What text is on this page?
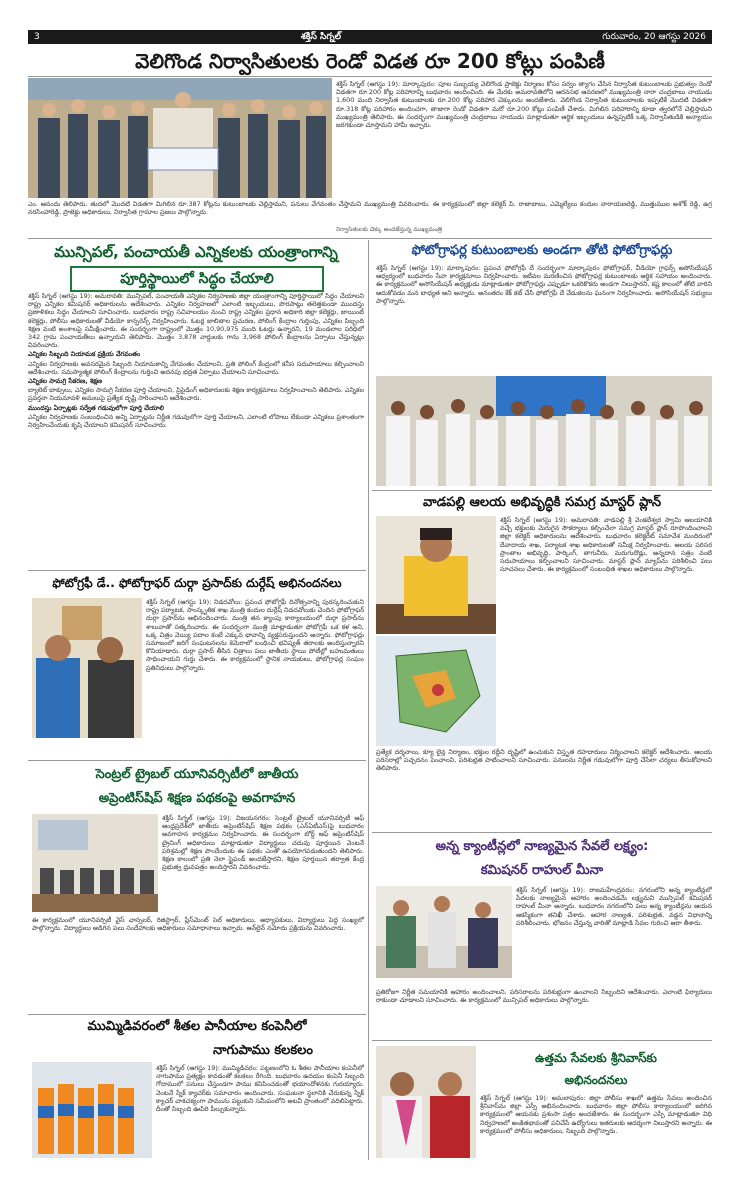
3	శక్తిస్ సిగ్నల్	గురువారం, 20 ఆగస్టు 2026
వెలిగొండ నిర్వాసితులకు రెండో విడత రూ 200 కోట్లు పంపిణీ
శక్తిస్ సిగ్నల్ (ఆగస్టు 19): మార్కాపురం: పూల సుబ్బయ్య వెలిగొండ ప్రాజెక్టు నిర్మాణం కోసం సర్వం త్యాగం చేసిన నిర్వాసిత కుటుంబాలకు ప్రభుత్వం రెండో విడతగా రూ.200 కోట్ల పరిహారాన్ని బుధవారం అందించింది. ఈ మేరకు అమరావతిలోని ఆరనసభ ఆవరణలో ముఖ్యమంత్రి నారా చంద్రబాబు నాయుడు 1,600 మంది నిర్వాసిత కుటుంబాలకు రూ.200 కోట్ల పరిహార చెక్కులను అందజేశారు. వెలిగొండ నిర్వాసిత కుటుంబాలకు ఇప్పటికే మొదటి విడతగా రూ.318 కోట్ల పరిహారం అందించగా, తాజాగా రెండో విడతగా మరో రూ.200 కోట్లు పంపిణీ చేశారు. మిగిలిన పరిహారాన్ని కూడా త్వరలోనే చెల్లిస్తామని ముఖ్యమంత్రి తెలిపారు. ఈ సందర్భంగా ముఖ్యమంత్రి చంద్రబాబు నాయుడు మాట్లాడుతూ ఆర్థిక ఇబ్బందులు ఉన్నప్పటికీ ఒక్క నిర్వాసితుడికి అన్యాయం జరగకుండా చూస్తామని హామీ ఇచ్చారు.
నిర్వాసితులకు చెక్కు అందజేస్తున్న ముఖ్యమంత్రి
ఎం. ఆనందు తెలిపారు. తుదలో మొదటి విడతగా మిగిలిన రూ.387 కోట్లను కుటుంబాలకు చెల్లిస్తామని, పనులు వేగవంతం చేస్తామని ముఖ్యమంత్రి వివరించారు. ఈ కార్యక్రమంలో జిల్లా కలెక్టర్ పి. రాజాబాబు, ఎమ్మెల్యేలు కందుల నారాయణరెడ్డి, ముత్తుముల అశోక్ రెడ్డి, ఉగ్ర నరసింహారెడ్డి, ప్రాజెక్టు అధికారులు, నిర్వాసిత గ్రామాల ప్రజలు పాల్గొన్నారు.
మున్సిపల్, పంచాయతీ ఎన్నికలకు యంత్రాంగాన్ని
పూర్తిస్థాయిలో సిద్ధం చేయాలి
శక్తిస్ సిగ్నల్ (ఆగస్టు 19): అమరావతి: మున్సిపల్, పంచాయతీ ఎన్నికల నిర్వహణకు జిల్లా యంత్రాంగాన్ని పూర్తిస్థాయిలో సిద్ధం చేయాలని రాష్ట్ర ఎన్నికల కమిషనర్ అధికారులను ఆదేశించారు. ఎన్నికల నిర్వహణలో ఎలాంటి ఇబ్బందులు, పొరపాట్లు తలెత్తకుండా ముందస్తు ప్రణాళికలు సిద్ధం చేయాలని సూచించారు. బుధవారం రాష్ట్ర సచివాలయం నుంచి రాష్ట్ర ఎన్నికల ప్రధాన అధికారి జిల్లా కలెక్టర్లు, జాయింట్ కలెక్టర్లు, పోలీసు అధికారులతో వీడియో కాన్ఫరెన్స్ నిర్వహించారు. ఓటర్ల జాబితాల ప్రచురణ, పోలింగ్ కేంద్రాల గుర్తింపు, ఎన్నికల సిబ్బంది శిక్షణ వంటి అంశాలపై సమీక్షించారు. ఈ సందర్భంగా రాష్ట్రంలో మొత్తం 10,90,975 మంది ఓటర్లు ఉన్నారని, 19 మండలాల పరిధిలో 342 గ్రామ పంచాయతీలు ఉన్నాయని తెలిపారు. మొత్తం 3,878 వార్డులకు గాను 3,968 పోలింగ్ కేంద్రాలను ఏర్పాటు చేస్తున్నట్లు వివరించారు.
ఎన్నికల సిబ్బంది నియామక ప్రక్రియ వేగవంతం
ఎన్నికల నిర్వహణకు అవసరమైన సిబ్బంది నియామకాన్ని వేగవంతం చేయాలని, ప్రతి పోలింగ్ కేంద్రంలో కనీస సదుపాయాలు కల్పించాలని ఆదేశించారు. సమస్యాత్మక పోలింగ్ కేంద్రాలను గుర్తించి అదనపు భద్రత ఏర్పాటు చేయాలని సూచించారు.
ఎన్నికల సామగ్రి సేకరణ, శిక్షణ
బ్యాలెట్ బాక్సులు, ఎన్నికల సామగ్రి సేకరణ పూర్తి చేయాలని, ప్రిసైడింగ్ అధికారులకు శిక్షణ కార్యక్రమాలు నిర్వహించాలని తెలిపారు. ఎన్నికల ప్రవర్తనా నియమావళి అమలుపై ప్రత్యేక దృష్టి సారించాలని ఆదేశించారు.
ముందస్తు ఏర్పాట్లకు సర్వేత గడువులోగా పూర్తి చేయాలి
ఎన్నికల నిర్వహణకు సంబంధించిన అన్ని ఏర్పాట్లను నిర్ణీత గడువులోగా పూర్తి చేయాలని, ఎలాంటి లోపాలు లేకుండా ఎన్నికలు ప్రశాంతంగా నిర్వహించేందుకు కృషి చేయాలని కమిషనర్ సూచించారు.
ఫోటోగ్రాఫర్ల కుటుంబాలకు అండగా తోటి ఫోటోగ్రాఫర్లు
శక్తిస్ సిగ్నల్ (ఆగస్టు 19): మార్కాపురం: ప్రపంచ ఫోటోగ్రఫీ దే సందర్భంగా మార్కాపురం ఫోటోగ్రాఫర్, వీడియో గ్రాఫర్స్ అసోసియేషన్ ఆధ్వర్యంలో బుధవారం సేవా కార్యక్రమాలు నిర్వహించారు. ఇటీవల మరణించిన ఫోటోగ్రాఫర్ల కుటుంబాలకు ఆర్థిక సహాయం అందించారు. ఈ కార్యక్రమంలో అసోసియేషన్ అధ్యక్షుడు మాట్లాడుతూ ఫోటోగ్రాఫర్లు ఎప్పుడూ ఒకరికొకరు అండగా నిలుస్తారని, కష్ట కాలంలో తోటి వారిని ఆదుకోవడం మన బాధ్యత అని అన్నారు. అనంతరం కేక్ కట్ చేసి ఫోటోగ్రఫీ దే వేడుకలను ఘనంగా నిర్వహించారు. అసోసియేషన్ సభ్యులు పాల్గొన్నారు.
వాడపల్లి ఆలయ అభివృద్ధికి సమగ్ర మాస్టర్ ప్లాన్
శక్తిస్ సిగ్నల్ (ఆగస్టు 19): అమరావతి: వాడపల్లి శ్రీ వెంకటేశ్వర స్వామి ఆలయానికి వచ్చే భక్తులకు మెరుగైన సౌకర్యాలు కల్పించేలా సమగ్ర మాస్టర్ ప్లాన్ రూపొందించాలని జిల్లా కలెక్టర్ అధికారులను ఆదేశించారు. బుధవారం కలెక్టరేట్ సమావేశ మందిరంలో దేవాదాయ శాఖ, పర్యాటక శాఖ అధికారులతో సమీక్ష నిర్వహించారు. ఆలయ పరిసర ప్రాంతాల అభివృద్ధి, పార్కింగ్, తాగునీరు, మరుగుదొడ్లు, అన్నదాన సత్రం వంటి సదుపాయాలు కల్పించాలని సూచించారు. మాస్టర్ ప్లాన్ మ్యాప్‌ను పరిశీలించి పలు సూచనలు చేశారు. ఈ కార్యక్రమంలో సంబంధిత శాఖల అధికారులు పాల్గొన్నారు.
ప్రత్యేక దర్శనాలు, క్యూ లైన్ల నిర్మాణం, భక్తుల రద్దీని దృష్టిలో ఉంచుకుని విస్తృత రహదారులు నిర్మించాలని కలెక్టర్ ఆదేశించారు. ఆలయ పరిసరాల్లో పచ్చదనం పెంచాలని, పరిశుభ్రత పాటించాలని సూచించారు. పనులను నిర్ణీత గడువులోగా పూర్తి చేసేలా చర్యలు తీసుకోవాలని తెలిపారు.
ఫోటోగ్రఫీ డే.. ఫోటోగ్రాఫర్ దుర్గా ప్రసాద్‌కు దుర్గేష్ అభినందనలు
శక్తిస్ సిగ్నల్ (ఆగస్టు 19): నిడదవోలు: ప్రపంచ ఫోటోగ్రఫీ దినోత్సవాన్ని పురస్కరించుకుని రాష్ట్ర పర్యాటక, సాంస్కృతిక శాఖ మంత్రి కందుల దుర్గేష్ నిడదవోలుకు చెందిన ఫోటోగ్రాఫర్ దుర్గా ప్రసాద్‌ను అభినందించారు. మంత్రి తన క్యాంపు కార్యాలయంలో దుర్గా ప్రసాద్‌ను శాలువాతో సత్కరించారు. ఈ సందర్భంగా మంత్రి మాట్లాడుతూ ఫోటోగ్రఫీ ఒక కళ అని, ఒక్క చిత్రం వెయ్యి పదాల కంటే ఎక్కువ భావాన్ని వ్యక్తపరుస్తుందని అన్నారు. ఫోటోగ్రాఫర్లు సమాజంలో జరిగే సంఘటనలను కెమెరాలో బంధించి భవిష్యత్ తరాలకు అందిస్తున్నారని కొనియాడారు. దుర్గా ప్రసాద్ తీసిన చిత్రాలు పలు జాతీయ స్థాయి పోటీల్లో బహుమతులు సాధించాయని గుర్తు చేశారు. ఈ కార్యక్రమంలో స్థానిక నాయకులు, ఫోటోగ్రాఫర్ల సంఘం ప్రతినిధులు పాల్గొన్నారు.
సెంట్రల్ ట్రైబల్ యూనివర్సిటీలో జాతీయ
అప్రెంటిస్‌షిప్ శిక్షణ పథకంపై అవగాహన
శక్తిస్ సిగ్నల్ (ఆగస్టు 19): విజయనగరం: సెంట్రల్ ట్రైబల్ యూనివర్సిటీ ఆఫ్ ఆంధ్రప్రదేశ్‌లో జాతీయ అప్రెంటిస్‌షిప్ శిక్షణ పథకం (ఎన్ఏటీఎస్)పై బుధవారం అవగాహన కార్యక్రమం నిర్వహించారు. ఈ సందర్భంగా బోర్డ్ ఆఫ్ అప్రెంటిస్‌షిప్ ట్రైనింగ్ అధికారులు మాట్లాడుతూ విద్యార్థులు చదువు పూర్తయిన వెంటనే పరిశ్రమల్లో శిక్షణ పొందేందుకు ఈ పథకం ఎంతో ఉపయోగపడుతుందని తెలిపారు. శిక్షణ కాలంలో ప్రతి నెలా స్టైఫండ్ అందజేస్తారని, శిక్షణ పూర్తయిన తర్వాత కేంద్ర ప్రభుత్వ ధ్రువపత్రం అందిస్తారని వివరించారు.
ఈ కార్యక్రమంలో యూనివర్సిటీ వైస్ ఛాన్సలర్, రిజిస్ట్రార్, ప్లేస్‌మెంట్ సెల్ అధికారులు, అధ్యాపకులు, విద్యార్థులు పెద్ద సంఖ్యలో పాల్గొన్నారు. విద్యార్థులు అడిగిన పలు సందేహాలకు అధికారులు సమాధానాలు ఇచ్చారు. ఆన్‌లైన్ నమోదు ప్రక్రియను వివరించారు.
అన్న క్యాంటీన్లలో నాణ్యమైన సేవలే లక్ష్యం:
కమిషనర్ రాహుల్ మీనా
శక్తిస్ సిగ్నల్ (ఆగస్టు 19): రాజమహేంద్రవరం: నగరంలోని అన్న క్యాంటీన్లలో పేదలకు నాణ్యమైన ఆహారం అందించడమే లక్ష్యమని మున్సిపల్ కమిషనర్ రాహుల్ మీనా అన్నారు. బుధవారం నగరంలోని పలు అన్న క్యాంటీన్లను ఆయన ఆకస్మికంగా తనిఖీ చేశారు. ఆహార నాణ్యత, పరిశుభ్రత, వడ్డన విధానాన్ని పరిశీలించారు. భోజనం చేస్తున్న వారితో మాట్లాడి సేవల గురించి ఆరా తీశారు.
ప్రతిరోజూ నిర్ణీత సమయానికి ఆహారం అందించాలని, పరిసరాలను పరిశుభ్రంగా ఉంచాలని సిబ్బందిని ఆదేశించారు. ఎలాంటి ఫిర్యాదులు రాకుండా చూడాలని సూచించారు. ఈ కార్యక్రమంలో మున్సిపల్ అధికారులు పాల్గొన్నారు.
ముమ్మిడివరంలో శీతల పానీయాల కంపెనీలో
నాగుపాము కలకలం
శక్తిస్ సిగ్నల్ (ఆగస్టు 19): ముమ్మిడివరం: పట్టణంలోని ఓ శీతల పానీయాల కంపెనీలో నాగుపాము ప్రత్యక్షం కావడంతో కలకలం రేగింది. బుధవారం ఉదయం కంపెనీ సిబ్బంది గోదాములో పనులు చేస్తుండగా పాము కనిపించడంతో భయాందోళనకు గురయ్యారు. వెంటనే స్నేక్ క్యాచర్‌కు సమాచారం అందించారు. సంఘటనా స్థలానికి చేరుకున్న స్నేక్ క్యాచర్ చాకచక్యంగా పామును పట్టుకుని సమీపంలోని అటవీ ప్రాంతంలో వదిలిపెట్టారు. దీంతో సిబ్బంది ఊపిరి పీల్చుకున్నారు.
ఉత్తమ సేవలకు శ్రీనివాస్‌కు
అభినందనలు
శక్తిస్ సిగ్నల్ (ఆగస్టు 19): అమలాపురం: జిల్లా పోలీసు శాఖలో ఉత్తమ సేవలు అందించిన శ్రీనివాస్‌ను జిల్లా ఎస్పీ అభినందించారు. బుధవారం జిల్లా పోలీసు కార్యాలయంలో జరిగిన కార్యక్రమంలో ఆయనకు ప్రశంసా పత్రం అందజేశారు. ఈ సందర్భంగా ఎస్పీ మాట్లాడుతూ విధి నిర్వహణలో అంకితభావంతో పనిచేసే ఉద్యోగులు ఇతరులకు ఆదర్శంగా నిలుస్తారని అన్నారు. ఈ కార్యక్రమంలో పోలీసు అధికారులు, సిబ్బంది పాల్గొన్నారు.
